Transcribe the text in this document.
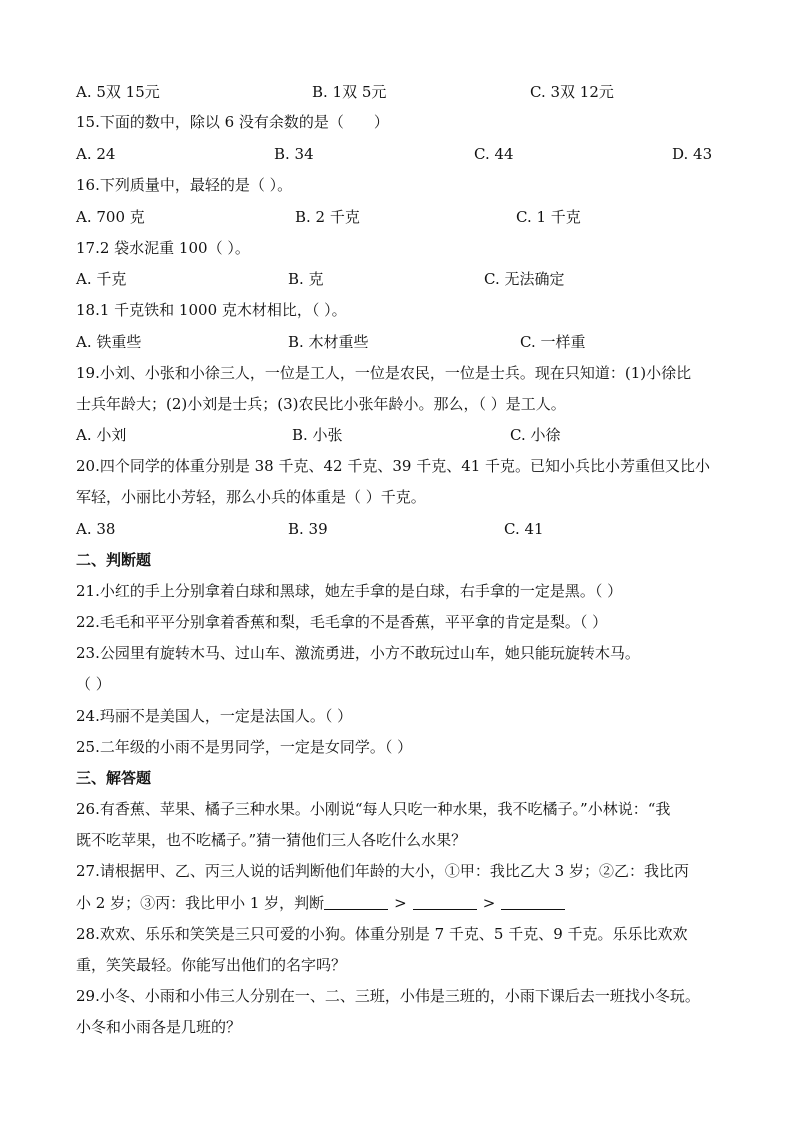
A. 5双 15元	B. 1双 5元	C. 3双 12元
15.下面的数中，除以 6 没有余数的是（　　）
A. 24	B. 34	C. 44	D. 43
16.下列质量中，最轻的是（ ）。
A. 700 克	B. 2 千克	C. 1 千克
17.2 袋水泥重 100（ ）。
A. 千克	B. 克	C. 无法确定
18.1 千克铁和 1000 克木材相比，（ ）。
A. 铁重些	B. 木材重些	C. 一样重
19.小刘、小张和小徐三人，一位是工人，一位是农民，一位是士兵。现在只知道：(1)小徐比
士兵年龄大；(2)小刘是士兵；(3)农民比小张年龄小。那么，（ ）是工人。
A. 小刘	B. 小张	C. 小徐
20.四个同学的体重分别是 38 千克、42 千克、39 千克、41 千克。已知小兵比小芳重但又比小
军轻，小丽比小芳轻，那么小兵的体重是（ ）千克。
A. 38	B. 39	C. 41
二、判断题
21.小红的手上分别拿着白球和黑球，她左手拿的是白球，右手拿的一定是黑。（ ）
22.毛毛和平平分别拿着香蕉和梨，毛毛拿的不是香蕉，平平拿的肯定是梨。（ ）
23.公园里有旋转木马、过山车、激流勇进，小方不敢玩过山车，她只能玩旋转木马。
（ ）
24.玛丽不是美国人，一定是法国人。（ ）
25.二年级的小雨不是男同学，一定是女同学。（ ）
三、解答题
26.有香蕉、苹果、橘子三种水果。小刚说“每人只吃一种水果，我不吃橘子。”小林说：“我
既不吃苹果，也不吃橘子。”猜一猜他们三人各吃什么水果？
27.请根据甲、乙、丙三人说的话判断他们年龄的大小，①甲：我比乙大 3 岁；②乙：我比丙
小 2 岁；③丙：我比甲小 1 岁，判断	>	>
28.欢欢、乐乐和笑笑是三只可爱的小狗。体重分别是 7 千克、5 千克、9 千克。乐乐比欢欢
重，笑笑最轻。你能写出他们的名字吗？
29.小冬、小雨和小伟三人分别在一、二、三班，小伟是三班的，小雨下课后去一班找小冬玩。
小冬和小雨各是几班的？
